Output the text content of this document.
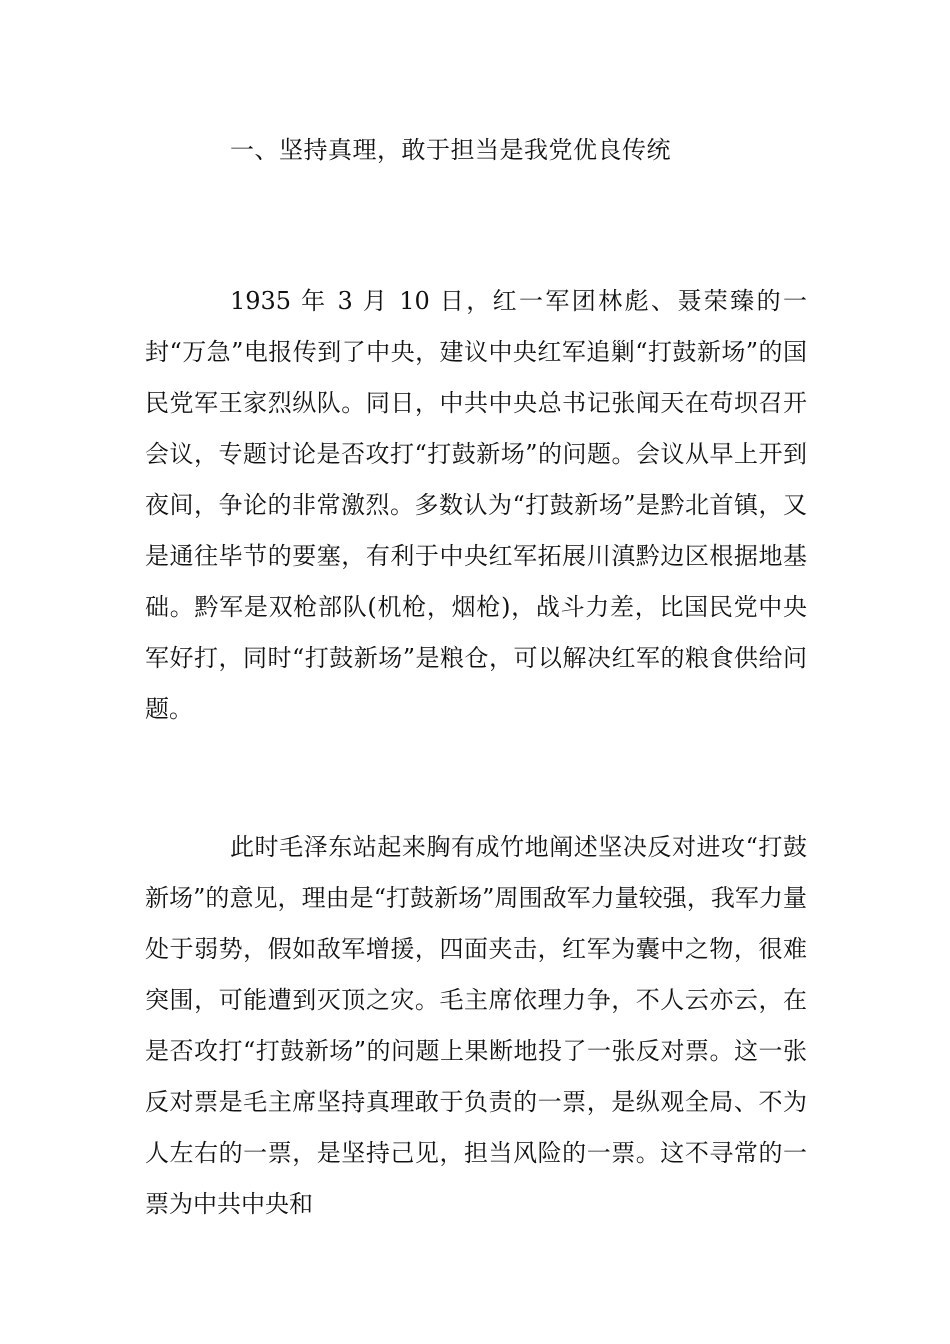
一、坚持真理，敢于担当是我党优良传统

1935 年 3 月 10 日，红一军团林彪、聂荣臻的一封“万急”电报传到了中央，建议中央红军追剿“打鼓新场”的国民党军王家烈纵队。同日，中共中央总书记张闻天在苟坝召开会议，专题讨论是否攻打“打鼓新场”的问题。会议从早上开到夜间，争论的非常激烈。多数认为“打鼓新场”是黔北首镇，又是通往毕节的要塞，有利于中央红军拓展川滇黔边区根据地基础。黔军是双枪部队(机枪，烟枪)，战斗力差，比国民党中央军好打，同时“打鼓新场”是粮仓，可以解决红军的粮食供给问题。

此时毛泽东站起来胸有成竹地阐述坚决反对进攻“打鼓新场”的意见，理由是“打鼓新场”周围敌军力量较强，我军力量处于弱势，假如敌军增援，四面夹击，红军为囊中之物，很难突围，可能遭到灭顶之灾。毛主席依理力争，不人云亦云，在是否攻打“打鼓新场”的问题上果断地投了一张反对票。这一张反对票是毛主席坚持真理敢于负责的一票，是纵观全局、不为人左右的一票，是坚持己见，担当风险的一票。这不寻常的一票为中共中央和
